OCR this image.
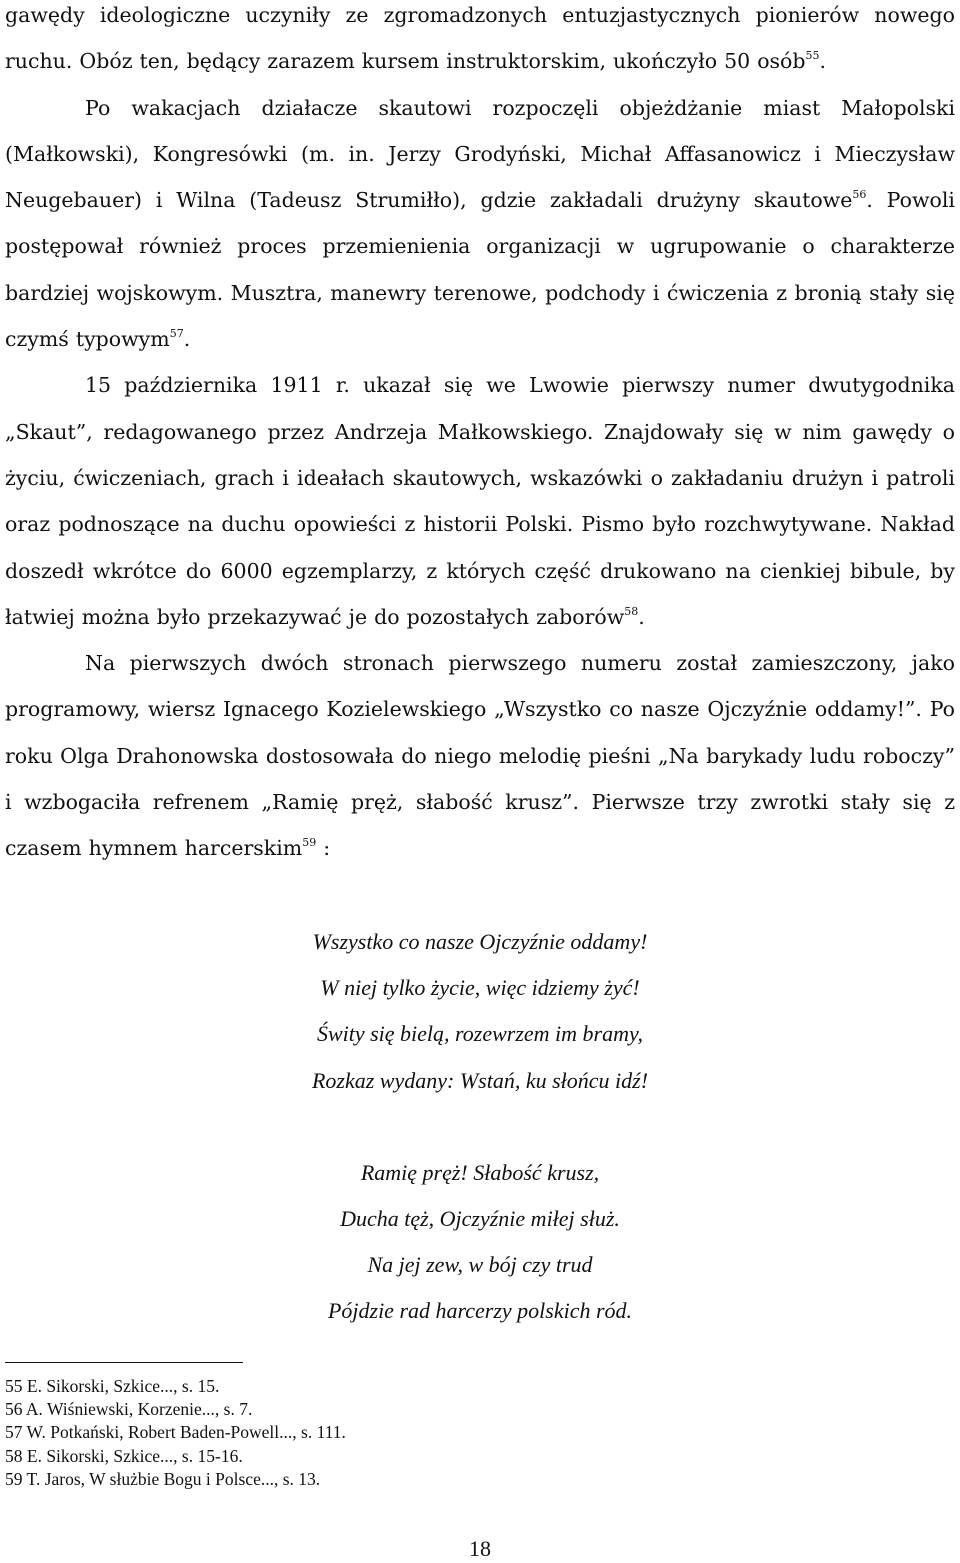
gawędy ideologiczne uczyniły ze zgromadzonych entuzjastycznych pionierów nowego ruchu. Obóz ten, będący zarazem kursem instruktorskim, ukończyło 50 osób$^{55}$.

Po wakacjach działacze skautowi rozpoczęli objeżdżanie miast Małopolski (Małkowski), Kongresówki (m. in. Jerzy Grodyński, Michał Affasanowicz i Mieczysław Neugebauer) i Wilna (Tadeusz Strumiłło), gdzie zakładali drużyny skautowe$^{56}$. Powoli postępował również proces przemienienia organizacji w ugrupowanie o charakterze bardziej wojskowym. Musztra, manewry terenowe, podchody i ćwiczenia z bronią stały się czymś typowym$^{57}$.

15 października 1911 r. ukazał się we Lwowie pierwszy numer dwutygodnika „Skaut”, redagowanego przez Andrzeja Małkowskiego. Znajdowały się w nim gawędy o życiu, ćwiczeniach, grach i ideałach skautowych, wskazówki o zakładaniu drużyn i patroli oraz podnoszące na duchu opowieści z historii Polski. Pismo było rozchwytywane. Nakład doszedł wkrótce do 6000 egzemplarzy, z których część drukowano na cienkiej bibule, by łatwiej można było przekazywać je do pozostałych zaborów$^{58}$.

Na pierwszych dwóch stronach pierwszego numeru został zamieszczony, jako programowy, wiersz Ignacego Kozielewskiego „Wszystko co nasze Ojczyźnie oddamy!”. Po roku Olga Drahonowska dostosowała do niego melodię pieśni „Na barykady ludu roboczy” i wzbogaciła refrenem „Ramię pręż, słabość krusz”. Pierwsze trzy zwrotki stały się z czasem hymnem harcerskim$^{59}$ :

Wszystko co nasze Ojczyźnie oddamy!
W niej tylko życie, więc idziemy żyć!
Świty się bielą, rozewrzem im bramy,
Rozkaz wydany: Wstań, ku słońcu idź!
Ramię pręż! Słabość krusz,
Ducha tęż, Ojczyźnie miłej służ.
Na jej zew, w bój czy trud
Pójdzie rad harcerzy polskich ród.
55 E. Sikorski, Szkice..., s. 15.
56 A. Wiśniewski, Korzenie..., s. 7.
57 W. Potkański, Robert Baden-Powell..., s. 111.
58 E. Sikorski, Szkice..., s. 15-16.
59 T. Jaros, W służbie Bogu i Polsce..., s. 13.
18
